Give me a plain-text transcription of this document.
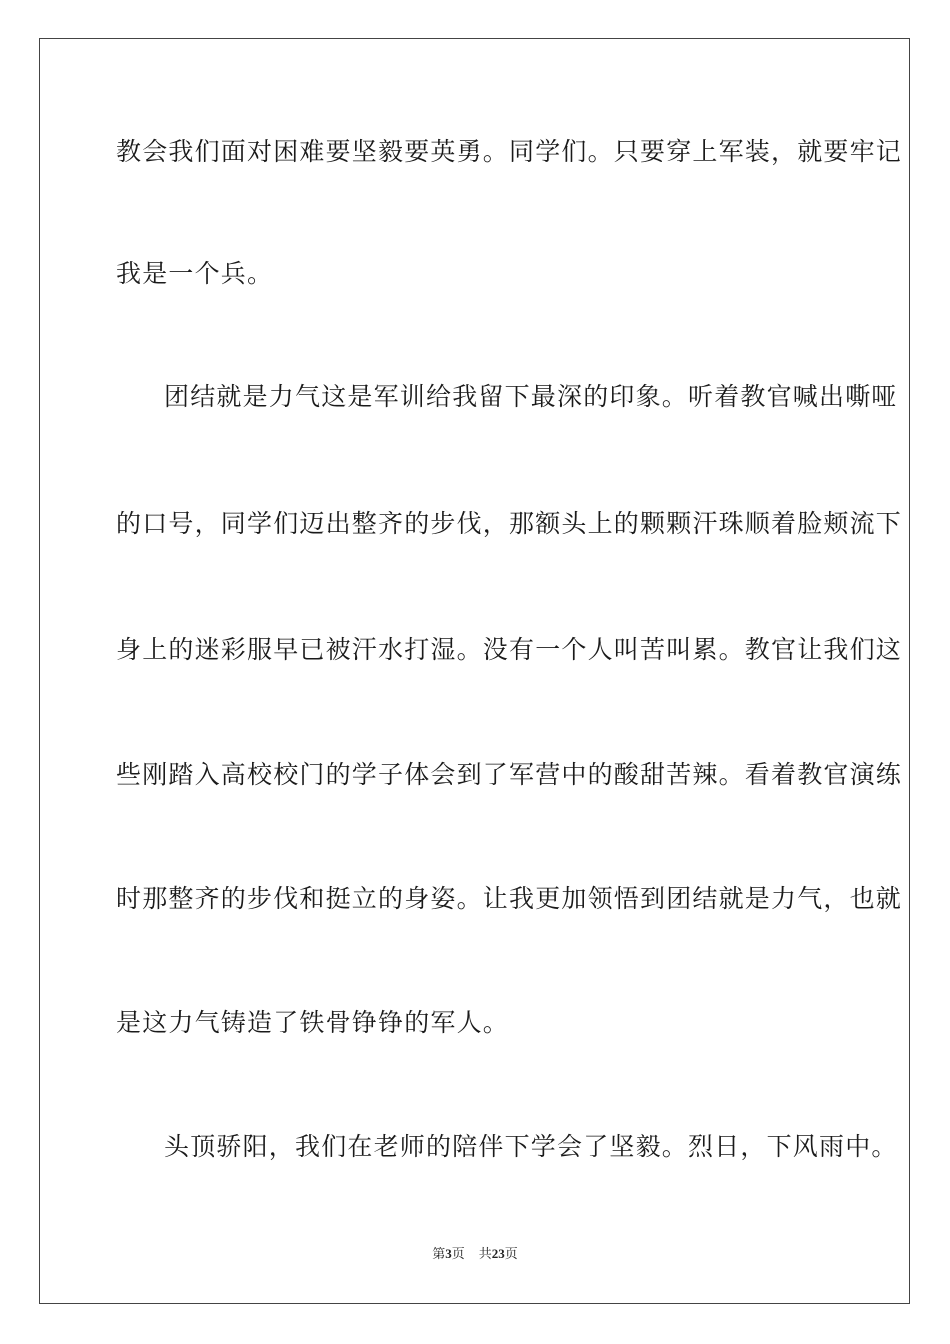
教会我们面对困难要坚毅要英勇。同学们。只要穿上军装，就要牢记
我是一个兵。
团结就是力气这是军训给我留下最深的印象。听着教官喊出嘶哑
的口号，同学们迈出整齐的步伐，那额头上的颗颗汗珠顺着脸颊流下
身上的迷彩服早已被汗水打湿。没有一个人叫苦叫累。教官让我们这
些刚踏入高校校门的学子体会到了军营中的酸甜苦辣。看着教官演练
时那整齐的步伐和挺立的身姿。让我更加领悟到团结就是力气，也就
是这力气铸造了铁骨铮铮的军人。
头顶骄阳，我们在老师的陪伴下学会了坚毅。烈日，下风雨中。
第3页 共23页
